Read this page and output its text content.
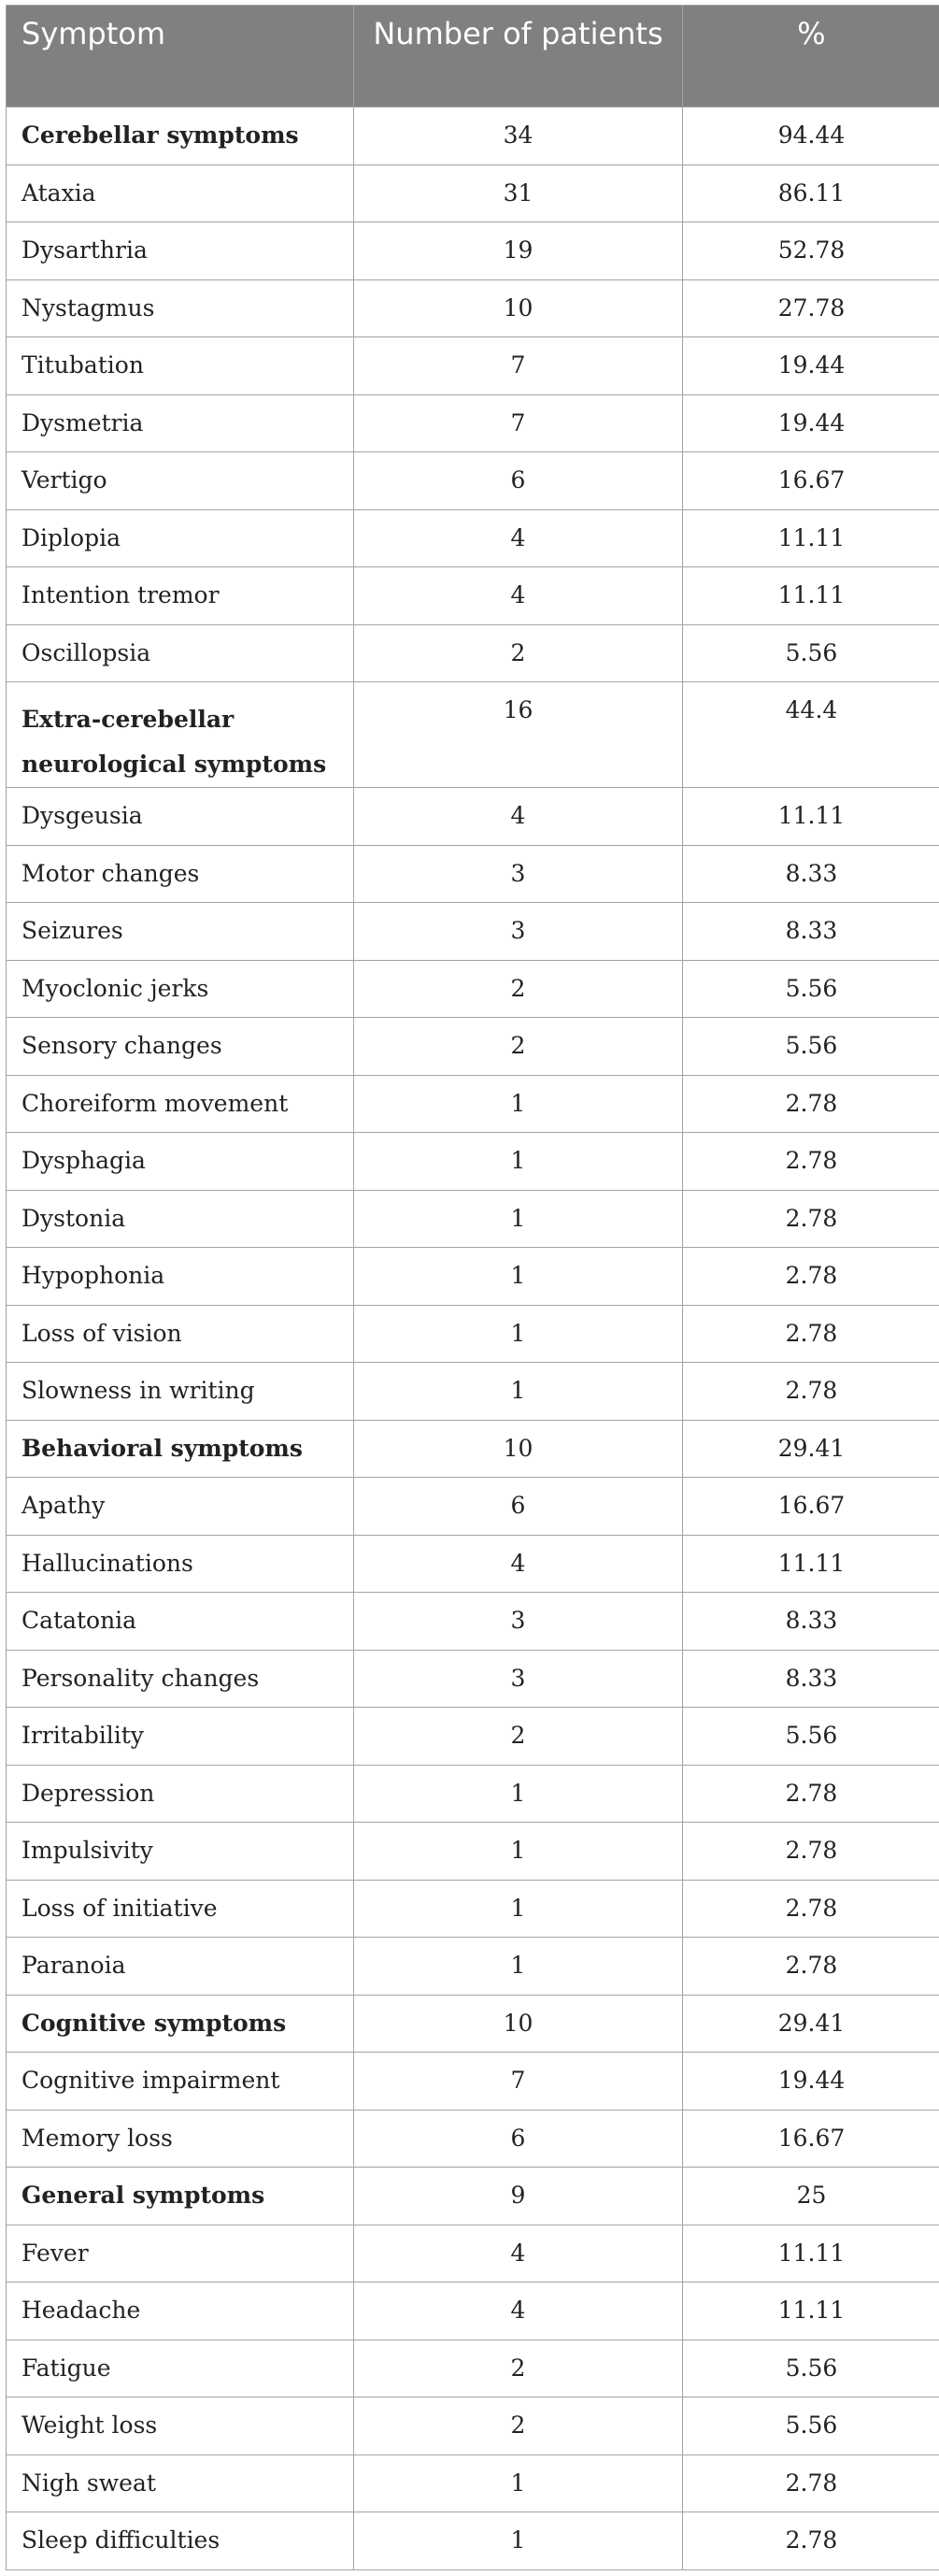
Symptom	Number of patients	%
Cerebellar symptoms	34	94.44
Ataxia	31	86.11
Dysarthria	19	52.78
Nystagmus	10	27.78
Titubation	7	19.44
Dysmetria	7	19.44
Vertigo	6	16.67
Diplopia	4	11.11
Intention tremor	4	11.11
Oscillopsia	2	5.56
Extra-cerebellar neurological symptoms	16	44.4
Dysgeusia	4	11.11
Motor changes	3	8.33
Seizures	3	8.33
Myoclonic jerks	2	5.56
Sensory changes	2	5.56
Choreiform movement	1	2.78
Dysphagia	1	2.78
Dystonia	1	2.78
Hypophonia	1	2.78
Loss of vision	1	2.78
Slowness in writing	1	2.78
Behavioral symptoms	10	29.41
Apathy	6	16.67
Hallucinations	4	11.11
Catatonia	3	8.33
Personality changes	3	8.33
Irritability	2	5.56
Depression	1	2.78
Impulsivity	1	2.78
Loss of initiative	1	2.78
Paranoia	1	2.78
Cognitive symptoms	10	29.41
Cognitive impairment	7	19.44
Memory loss	6	16.67
General symptoms	9	25
Fever	4	11.11
Headache	4	11.11
Fatigue	2	5.56
Weight loss	2	5.56
Nigh sweat	1	2.78
Sleep difficulties	1	2.78
